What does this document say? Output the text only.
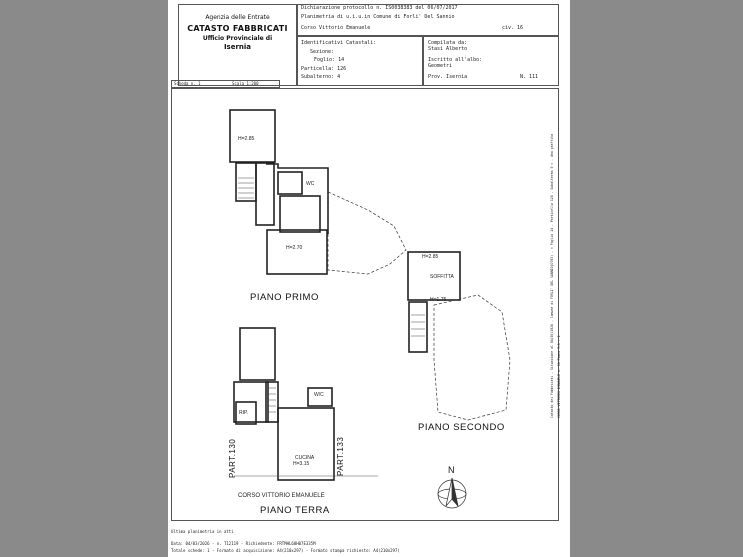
Agenzia delle Entrate
CATASTO FABBRICATI
Ufficio Provinciale di
Isernia
Dichiarazione protocollo n. IS0038383 del 06/07/2017
Planimetria di u.i.u.in Comune di Forli' Del Sannio
Corso Vittorio Emanuele	civ. 16
Identificativi Catastali:
Sezione:
Foglio: 14
Particella: 126
Subalterno: 4
Compilata da:
Stasi Alberto
Iscritto all'albo:
Geometri
Prov. Isernia	N. 111
Scheda n. 1	Scala 1:200
H=2.85
WC
H=2.70
H=2.85
SOFFITTA
H=1.75
W/C
RIP.
CUCINA
H=3.15
PIANO PRIMO
PIANO SECONDO
PIANO TERRA
PART.130	PART.133
CORSO VITTORIO EMANUELE
N
Ultima planimetria in atti
Data: 04/03/2026 - n. T12119 - Richiedente: FRTMHL68H07E335M
Totale schede: 1 - Formato di acquisizione: A4(210x297) - Formato stampa richiesto: A4(210x297)
Catasto dei Fabbricati - Situazione al 04/03/2026 - Comune di FORLI' DEL SANNIO(D703) - < Foglio 14 - Particella 126 - Subalterno 9 > - Una graffita CORSO VITTORIO EMANUELE n. 16 Piano T-1 - 2
